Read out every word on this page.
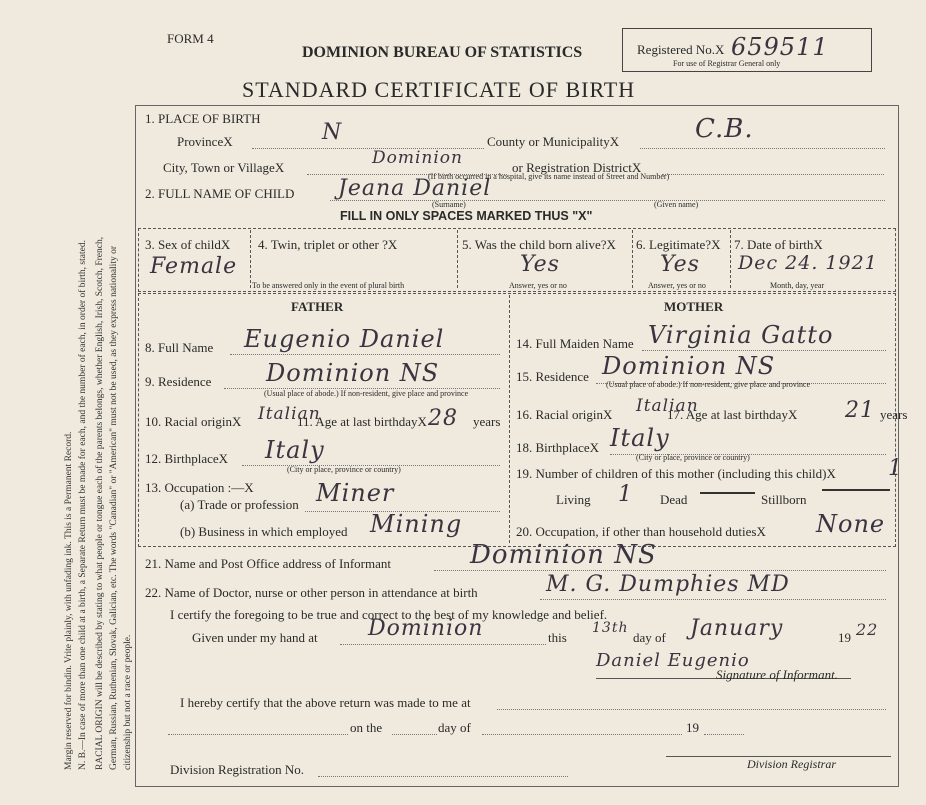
Margin reserved for bindin. Vrite plainly, with unfading ink. This is a Permanent Record. N. B.—In case of more than one child at a birth, a Separate Return must be made for each, and the number of each, in order of birth, stated. RACIAL ORIGIN will be described by stating to what people or tongue each of the parents belongs, whether English, Irish, Scotch, French, German, Russian, Ruthenian, Slovak, Galician, etc. The words "Canadian" or "American" must not be used, as they express nationality or citizenship but not a race or people.
FORM 4
DOMINION BUREAU OF STATISTICS	Registered No.X 659511
For use of Registrar General only
STANDARD CERTIFICATE OF BIRTH
1. PLACE OF BIRTH
ProvinceX	N	County or MunicipalityX	C.B.
City, Town or VillageX	Dominion	or Registration DistrictX
(If birth occurred in a hospital, give its name instead of Street and Number)
2. FULL NAME OF CHILD Jeana Daniel
(Surname)	(Given name)
FILL IN ONLY SPACES MARKED THUS "X"
3. Sex of childX
Female
4. Twin, triplet or other ?X
To be answered only in the event of plural birth
5. Was the child born alive?X
Yes
Answer, yes or no
6. Legitimate?X
Yes
Answer, yes or no
7. Date of birthX
Dec 24. 1921
Month, day, year
FATHER	MOTHER
8. Full Name Eugenio Daniel
9. Residence Dominion NS
(Usual place of abode.) If non-resident, give place and province
10. Racial originX Italian
11. Age at last birthdayX 28 years
12. BirthplaceX Italy
(City or place, province or country)
13. Occupation :—X
(a) Trade or profession Miner
(b) Business in which employed Mining
14. Full Maiden Name Virginia Gatto
15. Residence Dominion NS
(Usual place of abode.) If non-resident, give place and province
16. Racial originX Italian
17. Age at last birthdayX 21 years
18. BirthplaceX Italy
(City or place, province or country)
19. Number of children of this mother (including this child)X 1
Living 1 Dead	Stillborn
20. Occupation, if other than household dutiesX None
21. Name and Post Office address of Informant	Dominion NS
22. Name of Doctor, nurse or other person in attendance at birth	M. G. Dumphies MD
I certify the foregoing to be true and correct to the best of my knowledge and belief.
Given under my hand at Dominion	this
13th
day of January	19 22
Daniel Eugenio
Signature of Informant.
I hereby certify that the above return was made to me at
on the	day of	19
Division Registration No.	Division Registrar
